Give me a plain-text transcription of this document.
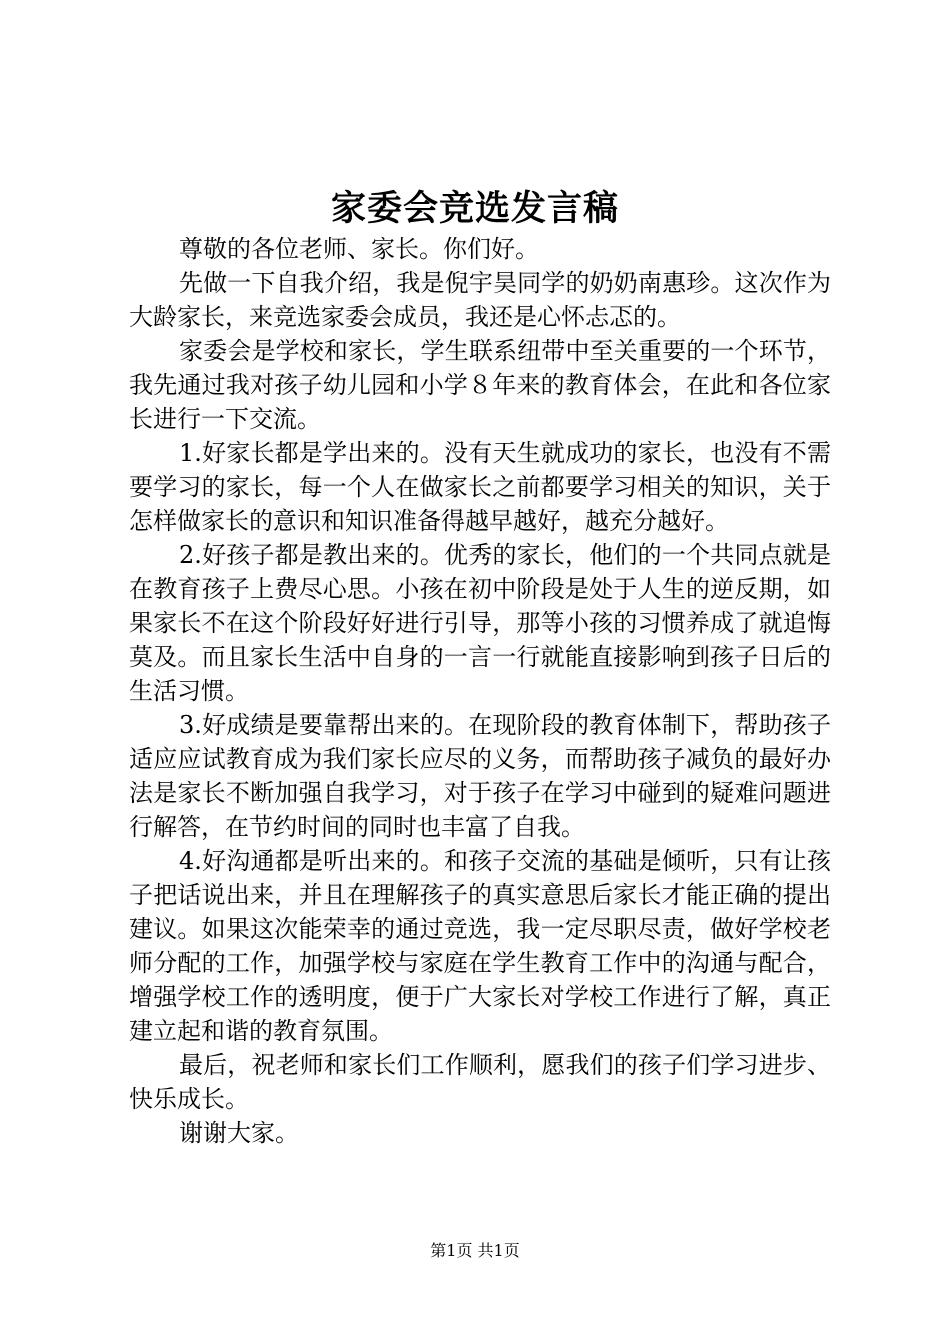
家委会竞选发言稿

尊敬的各位老师、家长。你们好。

先做一下自我介绍，我是倪宇昊同学的奶奶南惠珍。这次作为大龄家长，来竞选家委会成员，我还是心怀忐忑的。

家委会是学校和家长，学生联系纽带中至关重要的一个环节，我先通过我对孩子幼儿园和小学８年来的教育体会，在此和各位家长进行一下交流。

1.好家长都是学出来的。没有天生就成功的家长，也没有不需要学习的家长，每一个人在做家长之前都要学习相关的知识，关于怎样做家长的意识和知识准备得越早越好，越充分越好。

2.好孩子都是教出来的。优秀的家长，他们的一个共同点就是在教育孩子上费尽心思。小孩在初中阶段是处于人生的逆反期，如果家长不在这个阶段好好进行引导，那等小孩的习惯养成了就追悔莫及。而且家长生活中自身的一言一行就能直接影响到孩子日后的生活习惯。

3.好成绩是要靠帮出来的。在现阶段的教育体制下，帮助孩子适应应试教育成为我们家长应尽的义务，而帮助孩子减负的最好办法是家长不断加强自我学习，对于孩子在学习中碰到的疑难问题进行解答，在节约时间的同时也丰富了自我。

4.好沟通都是听出来的。和孩子交流的基础是倾听，只有让孩子把话说出来，并且在理解孩子的真实意思后家长才能正确的提出建议。如果这次能荣幸的通过竞选，我一定尽职尽责，做好学校老师分配的工作，加强学校与家庭在学生教育工作中的沟通与配合，增强学校工作的透明度，便于广大家长对学校工作进行了解，真正建立起和谐的教育氛围。

最后，祝老师和家长们工作顺利，愿我们的孩子们学习进步、快乐成长。

谢谢大家。

第1页 共1页
